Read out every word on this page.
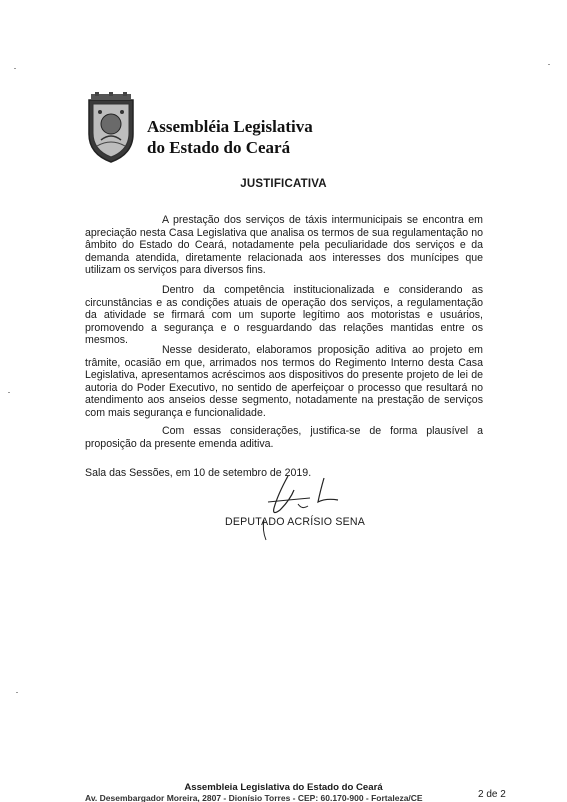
Assembléia Legislativa
do Estado do Ceará
JUSTIFICATIVA

A prestação dos serviços de táxis intermunicipais se encontra em apreciação nesta Casa Legislativa que analisa os termos de sua regulamentação no âmbito do Estado do Ceará, notadamente pela peculiaridade dos serviços e da demanda atendida, diretamente relacionada aos interesses dos munícipes que utilizam os serviços para diversos fins.

Dentro da competência institucionalizada e considerando as circunstâncias e as condições atuais de operação dos serviços, a regulamentação da atividade se firmará com um suporte legítimo aos motoristas e usuários, promovendo a segurança e o resguardando das relações mantidas entre os mesmos.

Nesse desiderato, elaboramos proposição aditiva ao projeto em trâmite, ocasião em que, arrimados nos termos do Regimento Interno desta Casa Legislativa, apresentamos acréscimos aos dispositivos do presente projeto de lei de autoria do Poder Executivo, no sentido de aperfeiçoar o processo que resultará no atendimento aos anseios desse segmento, notadamente na prestação de serviços com mais segurança e funcionalidade.

Com essas considerações, justifica-se de forma plausível a proposição da presente emenda aditiva.

Sala das Sessões, em 10 de setembro de 2019.
DEPUTADO ACRÍSIO SENA
Assembleia Legislativa do Estado do Ceará
Av. Desembargador Moreira, 2807 - Dionísio Torres - CEP: 60.170-900 - Fortaleza/CE	2 de 2
